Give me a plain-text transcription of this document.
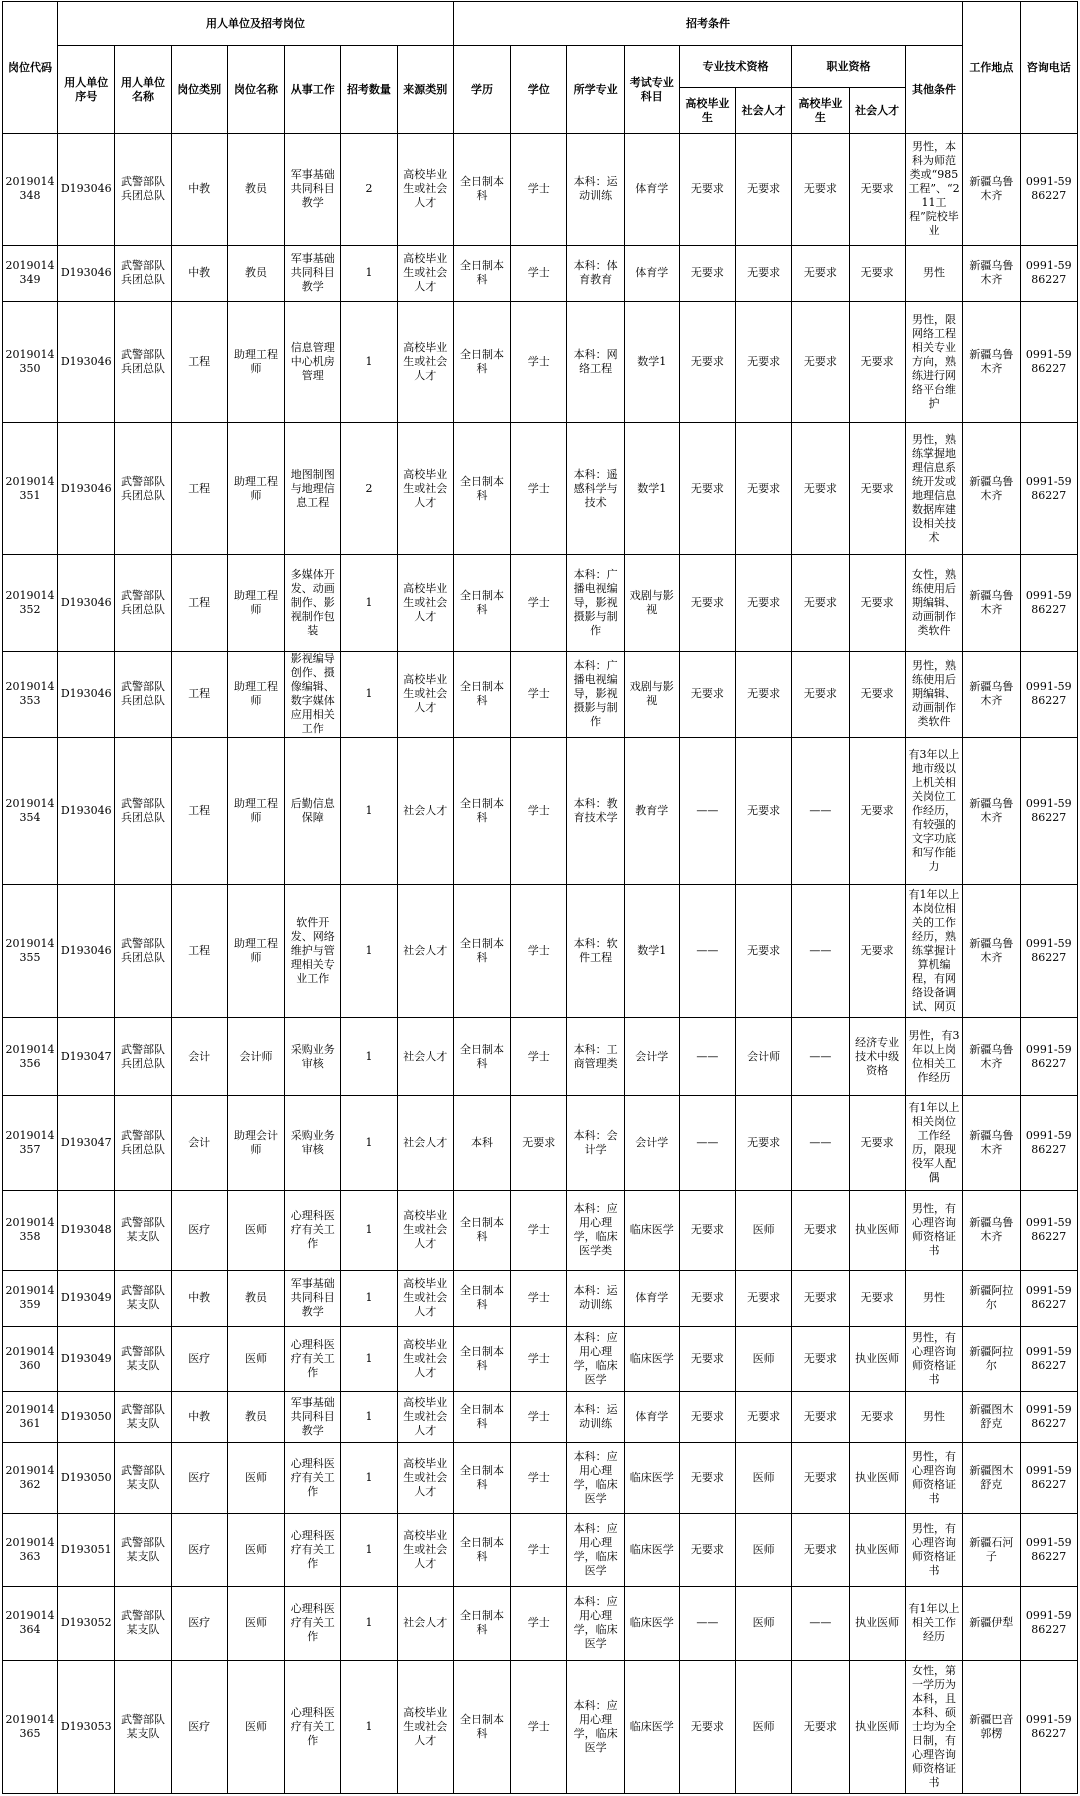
岗位代码	用人单位及招考岗位							招考条件									工作地点	咨询电话
	用人单位序号	用人单位名称	岗位类别	岗位名称	从事工作	招考数量	来源类别	学历	学位	所学专业	考试专业科目	专业技术资格		职业资格		其他条件		
												高校毕业生	社会人才	高校毕业生	社会人才			
2019014348	D193046	武警部队兵团总队	中教	教员	军事基础共同科目教学	2	高校毕业生或社会人才	全日制本科	学士	本科：运动训练	体育学	无要求	无要求	无要求	无要求	男性，本科为师范类或“985工程”、“211工程”院校毕业	新疆乌鲁木齐	0991-5986227
2019014349	D193046	武警部队兵团总队	中教	教员	军事基础共同科目教学	1	高校毕业生或社会人才	全日制本科	学士	本科：体育教育	体育学	无要求	无要求	无要求	无要求	男性	新疆乌鲁木齐	0991-5986227
2019014350	D193046	武警部队兵团总队	工程	助理工程师	信息管理中心机房管理	1	高校毕业生或社会人才	全日制本科	学士	本科：网络工程	数学1	无要求	无要求	无要求	无要求	男性，限网络工程相关专业方向，熟练进行网络平台维护	新疆乌鲁木齐	0991-5986227
2019014351	D193046	武警部队兵团总队	工程	助理工程师	地图制图与地理信息工程	2	高校毕业生或社会人才	全日制本科	学士	本科：遥感科学与技术	数学1	无要求	无要求	无要求	无要求	男性，熟练掌握地理信息系统开发或地理信息数据库建设相关技术	新疆乌鲁木齐	0991-5986227
2019014352	D193046	武警部队兵团总队	工程	助理工程师	多媒体开发、动画制作、影视制作包装	1	高校毕业生或社会人才	全日制本科	学士	本科：广播电视编导，影视摄影与制作	戏剧与影视	无要求	无要求	无要求	无要求	女性，熟练使用后期编辑、动画制作类软件	新疆乌鲁木齐	0991-5986227
2019014353	D193046	武警部队兵团总队	工程	助理工程师	影视编导创作、摄像编辑、数字媒体应用相关工作	1	高校毕业生或社会人才	全日制本科	学士	本科：广播电视编导，影视摄影与制作	戏剧与影视	无要求	无要求	无要求	无要求	男性，熟练使用后期编辑、动画制作类软件	新疆乌鲁木齐	0991-5986227
2019014354	D193046	武警部队兵团总队	工程	助理工程师	后勤信息保障	1	社会人才	全日制本科	学士	本科：教育技术学	教育学	——	无要求	——	无要求	有3年以上地市级以上机关相关岗位工作经历，有较强的文字功底和写作能力	新疆乌鲁木齐	0991-5986227
2019014355	D193046	武警部队兵团总队	工程	助理工程师	软件开发、网络维护与管理相关专业工作	1	社会人才	全日制本科	学士	本科：软件工程	数学1	——	无要求	——	无要求	有1年以上本岗位相关的工作经历，熟练掌握计算机编程，有网络设备调试、网页	新疆乌鲁木齐	0991-5986227
2019014356	D193047	武警部队兵团总队	会计	会计师	采购业务审核	1	社会人才	全日制本科	学士	本科：工商管理类	会计学	——	会计师	——	经济专业技术中级资格	男性，有3年以上岗位相关工作经历	新疆乌鲁木齐	0991-5986227
2019014357	D193047	武警部队兵团总队	会计	助理会计师	采购业务审核	1	社会人才	本科	无要求	本科：会计学	会计学	——	无要求	——	无要求	有1年以上相关岗位工作经历，限现役军人配偶	新疆乌鲁木齐	0991-5986227
2019014358	D193048	武警部队某支队	医疗	医师	心理科医疗有关工作	1	高校毕业生或社会人才	全日制本科	学士	本科：应用心理学，临床医学类	临床医学	无要求	医师	无要求	执业医师	男性，有心理咨询师资格证书	新疆乌鲁木齐	0991-5986227
2019014359	D193049	武警部队某支队	中教	教员	军事基础共同科目教学	1	高校毕业生或社会人才	全日制本科	学士	本科：运动训练	体育学	无要求	无要求	无要求	无要求	男性	新疆阿拉尔	0991-5986227
2019014360	D193049	武警部队某支队	医疗	医师	心理科医疗有关工作	1	高校毕业生或社会人才	全日制本科	学士	本科：应用心理学，临床医学	临床医学	无要求	医师	无要求	执业医师	男性，有心理咨询师资格证书	新疆阿拉尔	0991-5986227
2019014361	D193050	武警部队某支队	中教	教员	军事基础共同科目教学	1	高校毕业生或社会人才	全日制本科	学士	本科：运动训练	体育学	无要求	无要求	无要求	无要求	男性	新疆图木舒克	0991-5986227
2019014362	D193050	武警部队某支队	医疗	医师	心理科医疗有关工作	1	高校毕业生或社会人才	全日制本科	学士	本科：应用心理学，临床医学	临床医学	无要求	医师	无要求	执业医师	男性，有心理咨询师资格证书	新疆图木舒克	0991-5986227
2019014363	D193051	武警部队某支队	医疗	医师	心理科医疗有关工作	1	高校毕业生或社会人才	全日制本科	学士	本科：应用心理学，临床医学	临床医学	无要求	医师	无要求	执业医师	男性，有心理咨询师资格证书	新疆石河子	0991-5986227
2019014364	D193052	武警部队某支队	医疗	医师	心理科医疗有关工作	1	社会人才	全日制本科	学士	本科：应用心理学，临床医学	临床医学	——	医师	——	执业医师	有1年以上相关工作经历	新疆伊犁	0991-5986227
2019014365	D193053	武警部队某支队	医疗	医师	心理科医疗有关工作	1	高校毕业生或社会人才	全日制本科	学士	本科：应用心理学，临床医学	临床医学	无要求	医师	无要求	执业医师	女性，第一学历为本科，且本科、硕士均为全日制，有心理咨询师资格证书	新疆巴音郭楞	0991-5986227
